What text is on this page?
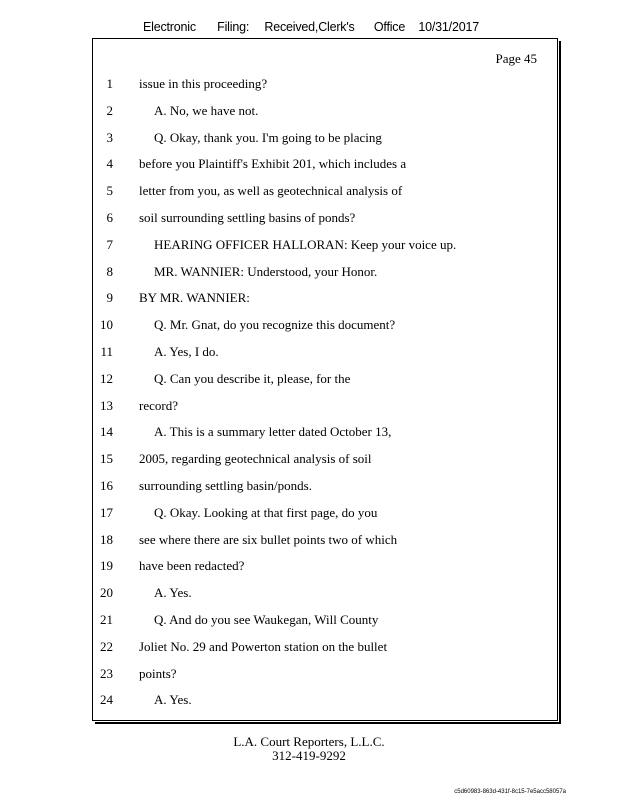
Electronic Filing: Received,Clerk's Office 10/31/2017
Page 45
1 issue in this proceeding?
2	A. No, we have not.
3	Q. Okay, thank you. I'm going to be placing
4 before you Plaintiff's Exhibit 201, which includes a
5 letter from you, as well as geotechnical analysis of
6 soil surrounding settling basins of ponds?
7	HEARING OFFICER HALLORAN: Keep your voice up.
8	MR. WANNIER: Understood, your Honor.
9 BY MR. WANNIER:
10	Q. Mr. Gnat, do you recognize this document?
11	A. Yes, I do.
12	Q. Can you describe it, please, for the
13 record?
14	A. This is a summary letter dated October 13,
15 2005, regarding geotechnical analysis of soil
16 surrounding settling basin/ponds.
17	Q. Okay. Looking at that first page, do you
18 see where there are six bullet points two of which
19 have been redacted?
20	A. Yes.
21	Q. And do you see Waukegan, Will County
22 Joliet No. 29 and Powerton station on the bullet
23 points?
24	A. Yes.
L.A. Court Reporters, L.L.C.
312-419-9292
c5d60983-863d-431f-8c15-7e5acc58057a
